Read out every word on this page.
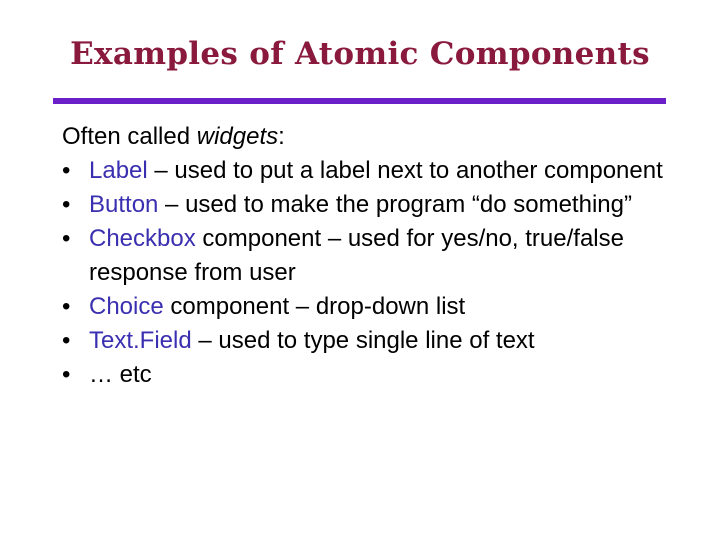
Examples of Atomic Components
Often called widgets:
• Label – used to put a label next to another component
• Button – used to make the program “do something”
• Checkbox component – used for yes/no, true/false response from user
• Choice component – drop-down list
• Text.Field – used to type single line of text
• … etc
